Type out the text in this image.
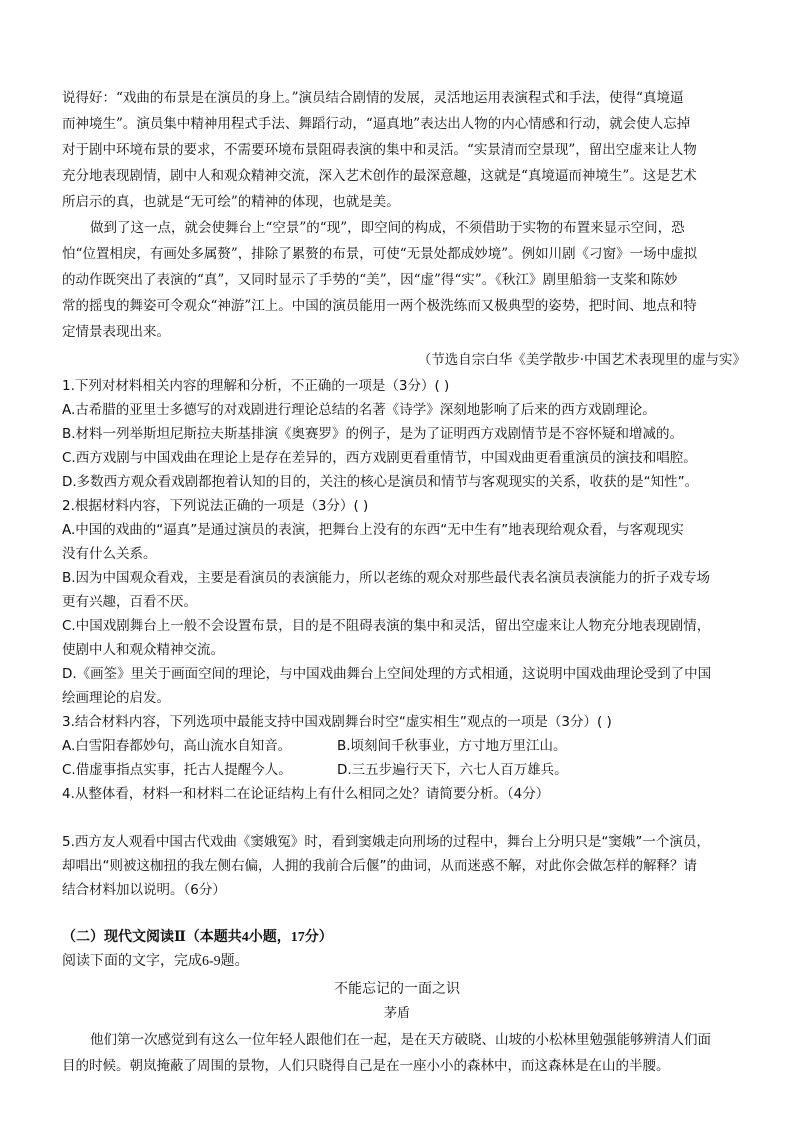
说得好：“戏曲的布景是在演员的身上。”演员结合剧情的发展，灵活地运用表演程式和手法，使得“真境逼
而神境生”。演员集中精神用程式手法、舞蹈行动，“逼真地”表达出人物的内心情感和行动，就会使人忘掉
对于剧中环境布景的要求，不需要环境布景阻碍表演的集中和灵活。“实景清而空景现”，留出空虚来让人物
充分地表现剧情，剧中人和观众精神交流，深入艺术创作的最深意趣，这就是“真境逼而神境生”。这是艺术
所启示的真，也就是“无可绘”的精神的体现，也就是美。
做到了这一点，就会使舞台上“空景”的“现”，即空间的构成，不须借助于实物的布置来显示空间，恐
怕“位置相戾，有画处多属赘”，排除了累赘的布景，可使“无景处都成妙境”。例如川剧《刁窗》一场中虚拟
的动作既突出了表演的“真”，又同时显示了手势的“美”，因“虚”得“实”。《秋江》剧里船翁一支桨和陈妙
常的摇曳的舞姿可令观众“神游”江上。中国的演员能用一两个极洗练而又极典型的姿势，把时间、地点和特
定情景表现出来。
（节选自宗白华《美学散步·中国艺术表现里的虚与实》
1.下列对材料相关内容的理解和分析，不正确的一项是（3分）( )
A.古希腊的亚里士多德写的对戏剧进行理论总结的名著《诗学》深刻地影响了后来的西方戏剧理论。
B.材料一列举斯坦尼斯拉夫斯基排演《奥赛罗》的例子，是为了证明西方戏剧情节是不容怀疑和增减的。
C.西方戏剧与中国戏曲在理论上是存在差异的，西方戏剧更看重情节，中国戏曲更看重演员的演技和唱腔。
D.多数西方观众看戏剧都抱着认知的目的，关注的核心是演员和情节与客观现实的关系，收获的是“知性”。
2.根据材料内容，下列说法正确的一项是（3分）( )
A.中国的戏曲的“逼真”是通过演员的表演，把舞台上没有的东西“无中生有”地表现给观众看，与客观现实
没有什么关系。
B.因为中国观众看戏，主要是看演员的表演能力，所以老练的观众对那些最代表名演员表演能力的折子戏专场
更有兴趣，百看不厌。
C.中国戏剧舞台上一般不会设置布景，目的是不阻碍表演的集中和灵活，留出空虚来让人物充分地表现剧情，
使剧中人和观众精神交流。
D.《画筌》里关于画面空间的理论，与中国戏曲舞台上空间处理的方式相通，这说明中国戏曲理论受到了中国
绘画理论的启发。
3.结合材料内容，下列选项中最能支持中国戏剧舞台时空“虚实相生”观点的一项是（3分）( )
A.白雪阳春都妙句，高山流水自知音。	B.顷刻间千秋事业，方寸地万里江山。
C.借虚事指点实事，托古人提醒今人。	D.三五步遍行天下，六七人百万雄兵。
4.从整体看，材料一和材料二在论证结构上有什么相同之处？请简要分析。（4分）
5.西方友人观看中国古代戏曲《窦娥冤》时，看到窦娥走向刑场的过程中，舞台上分明只是“窦娥”一个演员，
却唱出“则被这枷扭的我左侧右偏，人拥的我前合后偃”的曲词，从而迷惑不解，对此你会做怎样的解释？请
结合材料加以说明。（6分）
（二）现代文阅读Ⅱ（本题共4小题，17分）
阅读下面的文字，完成6-9题。
不能忘记的一面之识
茅盾
他们第一次感觉到有这么一位年轻人跟他们在一起，是在天方破晓、山坡的小松林里勉强能够辨清人们面
目的时候。朝岚掩蔽了周围的景物，人们只晓得自己是在一座小小的森林中，而这森林是在山的半腰。
